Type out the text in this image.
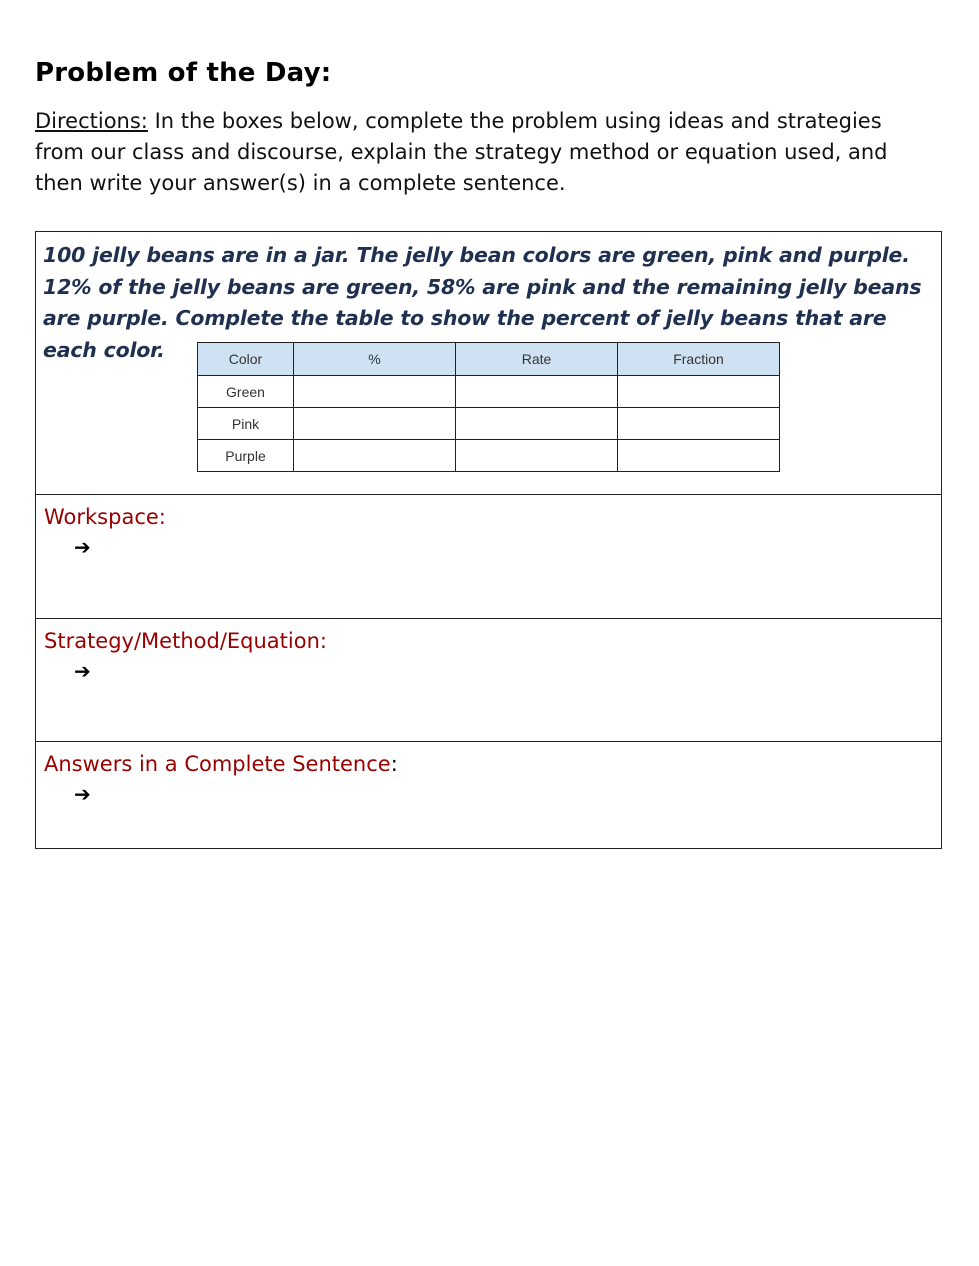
Problem of the Day:

Directions: In the boxes below, complete the problem using ideas and strategies from our class and discourse, explain the strategy method or equation used, and then write your answer(s) in a complete sentence.

100 jelly beans are in a jar. The jelly bean colors are green, pink and purple. 12% of the jelly beans are green, 58% are pink and the remaining jelly beans are purple. Complete the table to show the percent of jelly beans that are each color.	Color	%	Rate	Fraction
Green			
Pink			
Purple			

Workspace:

➔

Strategy/Method/Equation:

➔

Answers in a Complete Sentence:

➔
